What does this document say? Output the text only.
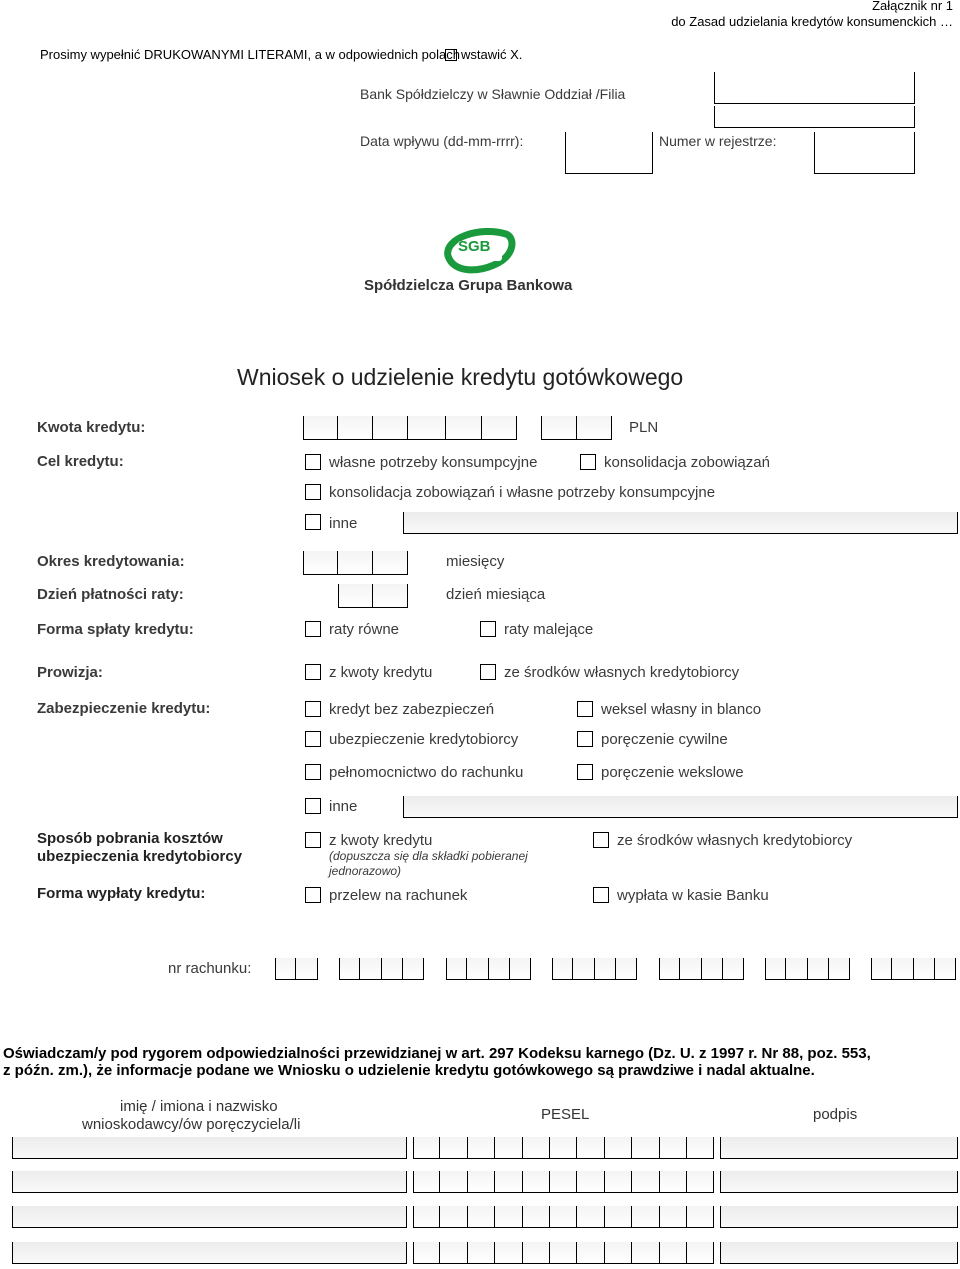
Załącznik nr 1
do Zasad udzielania kredytów konsumenckich …
Prosimy wypełnić DRUKOWANYMI LITERAMI, a w odpowiednich polach wstawić X.
Bank Spółdzielczy w Sławnie Oddział /Filia
Data wpływu (dd-mm-rrrr):	Numer w rejestrze:
SGB
Spółdzielcza Grupa Bankowa
Wniosek o udzielenie kredytu gotówkowego
Kwota kredytu:	PLN
Cel kredytu:	własne potrzeby konsumpcyjne	konsolidacja zobowiązań
konsolidacja zobowiązań i własne potrzeby konsumpcyjne
inne
Okres kredytowania:	miesięcy
Dzień płatności raty:	dzień miesiąca
Forma spłaty kredytu:	raty równe	raty malejące
Prowizja:	z kwoty kredytu	ze środków własnych kredytobiorcy
Zabezpieczenie kredytu:	kredyt bez zabezpieczeń	weksel własny in blanco
ubezpieczenie kredytobiorcy	poręczenie cywilne
pełnomocnictwo do rachunku	poręczenie wekslowe
inne
Sposób pobrania kosztów
ubezpieczenia kredytobiorcy
z kwoty kredytu
(dopuszcza się dla składki pobieranej
jednorazowo)
ze środków własnych kredytobiorcy
Forma wypłaty kredytu:	przelew na rachunek	wypłata w kasie Banku
nr rachunku:
Oświadczam/y pod rygorem odpowiedzialności przewidzianej w art. 297 Kodeksu karnego (Dz. U. z 1997 r. Nr 88, poz. 553,
z późn. zm.), że informacje podane we Wniosku o udzielenie kredytu gotówkowego są prawdziwe i nadal aktualne.
imię / imiona i nazwisko
wnioskodawcy/ów poręczyciela/li
PESEL	podpis
